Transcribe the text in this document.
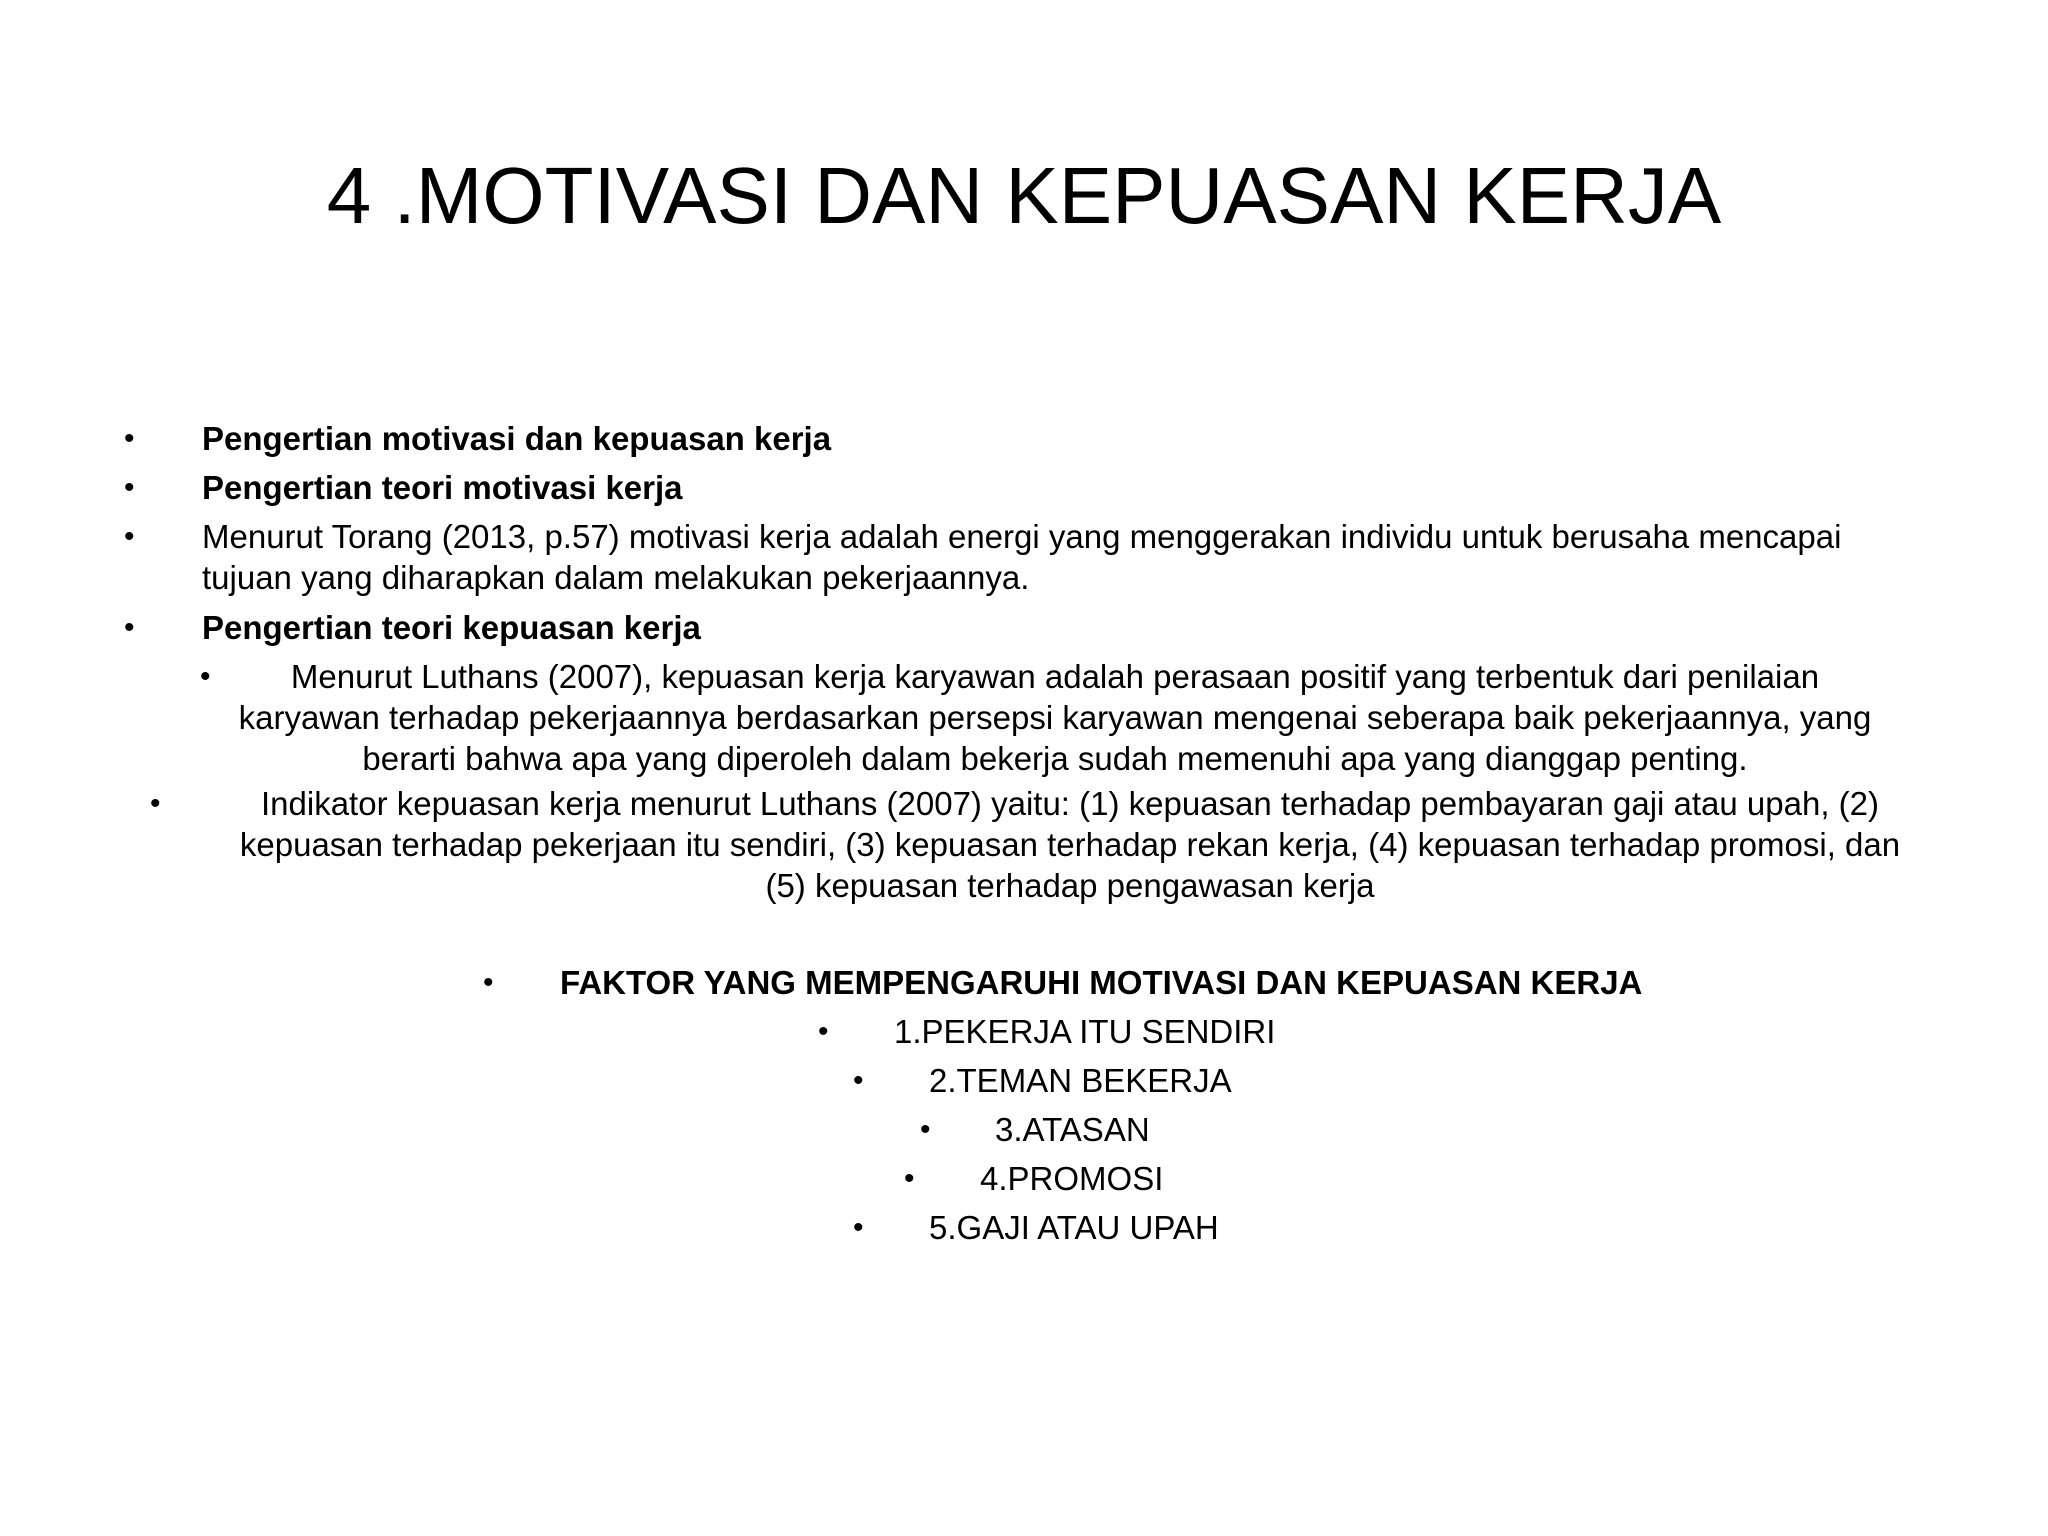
4 .MOTIVASI DAN KEPUASAN KERJA
• Pengertian motivasi dan kepuasan kerja
• Pengertian teori motivasi kerja
• Menurut Torang (2013, p.57) motivasi kerja adalah energi yang menggerakan individu untuk berusaha mencapai
tujuan yang diharapkan dalam melakukan pekerjaannya.
• Pengertian teori kepuasan kerja
•	Menurut Luthans (2007), kepuasan kerja karyawan adalah perasaan positif yang terbentuk dari penilaian
karyawan terhadap pekerjaannya berdasarkan persepsi karyawan mengenai seberapa baik pekerjaannya, yang
berarti bahwa apa yang diperoleh dalam bekerja sudah memenuhi apa yang dianggap penting.
•	Indikator kepuasan kerja menurut Luthans (2007) yaitu: (1) kepuasan terhadap pembayaran gaji atau upah, (2)
kepuasan terhadap pekerjaan itu sendiri, (3) kepuasan terhadap rekan kerja, (4) kepuasan terhadap promosi, dan
(5) kepuasan terhadap pengawasan kerja
• FAKTOR YANG MEMPENGARUHI MOTIVASI DAN KEPUASAN KERJA
• 1.PEKERJA ITU SENDIRI
• 2.TEMAN BEKERJA
• 3.ATASAN
• 4.PROMOSI
• 5.GAJI ATAU UPAH
